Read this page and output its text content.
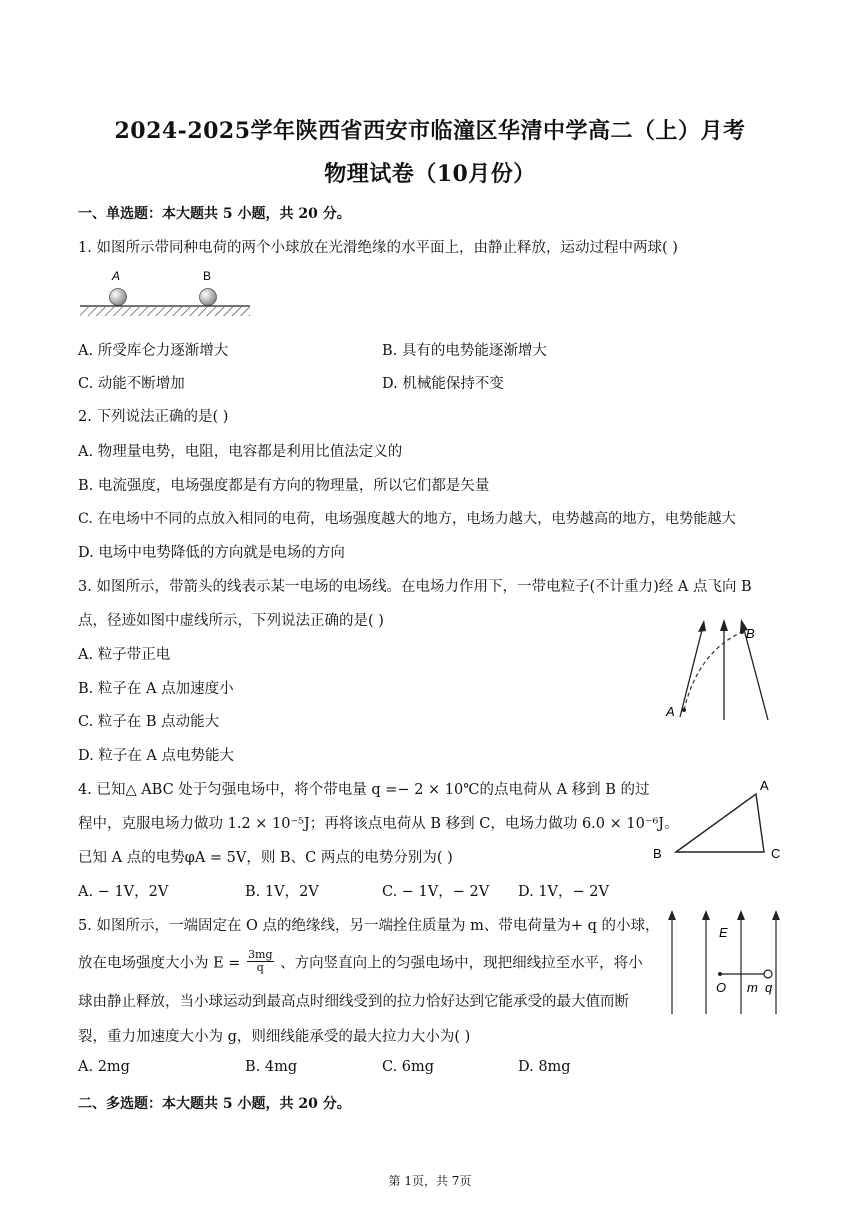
2024-2025学年陕西省西安市临潼区华清中学高二（上）月考
物理试卷（10月份）
一、单选题：本大题共 5 小题，共 20 分。
1. 如图所示带同种电荷的两个小球放在光滑绝缘的水平面上，由静止释放，运动过程中两球( )
A	B
A. 所受库仑力逐渐增大	B. 具有的电势能逐渐增大
C. 动能不断增加	D. 机械能保持不变
2. 下列说法正确的是( )
A. 物理量电势，电阻，电容都是利用比值法定义的
B. 电流强度，电场强度都是有方向的物理量，所以它们都是矢量
C. 在电场中不同的点放入相同的电荷，电场强度越大的地方，电场力越大，电势越高的地方，电势能越大
D. 电场中电势降低的方向就是电场的方向
3. 如图所示，带箭头的线表示某一电场的电场线。在电场力作用下，一带电粒子(不计重力)经 A 点飞向 B
点，径迹如图中虚线所示，下列说法正确的是( )
A. 粒子带正电
B. 粒子在 A 点加速度小
C. 粒子在 B 点动能大
D. 粒子在 A 点电势能大
A
B
4. 已知△ ABC 处于匀强电场中，将个带电量 q =− 2 × 10℃的点电荷从 A 移到 B 的过
程中，克服电场力做功 1.2 × 10⁻⁵J；再将该点电荷从 B 移到 C，电场力做功 6.0 × 10⁻⁶J。
已知 A 点的电势φA = 5V，则 B、C 两点的电势分别为( )
A
B	C
A. − 1V，2V	B. 1V，2V	C. − 1V，− 2V D. 1V，− 2V
5. 如图所示，一端固定在 O 点的绝缘线，另一端拴住质量为 m、带电荷量为+ q 的小球，
放在电场强度大小为 $E = \frac{3mg}{q}$ 、方向竖直向上的匀强电场中，现把细线拉至水平，将小
球由静止释放，当小球运动到最高点时细线受到的拉力恰好达到它能承受的最大值而断
裂，重力加速度大小为 g，则细线能承受的最大拉力大小为( )
E
O m q
A. 2mg	B. 4mg	C. 6mg	D. 8mg
二、多选题：本大题共 5 小题，共 20 分。
第 1页，共 7页
